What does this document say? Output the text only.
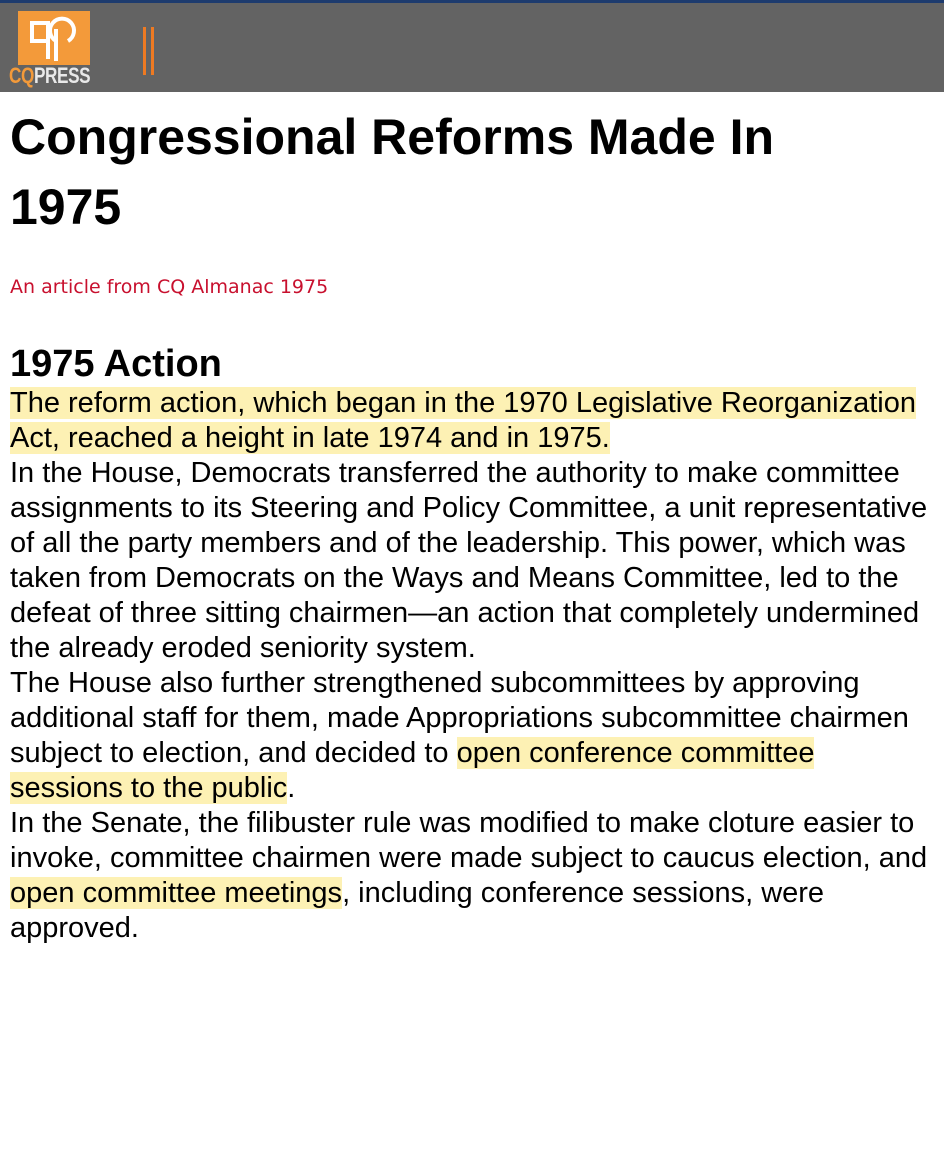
CQPRESS
Congressional Reforms Made In
1975
An article from CQ Almanac 1975
1975 Action

The reform action, which began in the 1970 Legislative Reorganization Act, reached a height in late 1974 and in 1975.

In the House, Democrats transferred the authority to make committee assignments to its Steering and Policy Committee, a unit representative of all the party members and of the leadership. This power, which was taken from Democrats on the Ways and Means Committee, led to the defeat of three sitting chairmen—an action that completely undermined the already eroded seniority system.

The House also further strengthened subcommittees by approving additional staff for them, made Appropriations subcommittee chairmen subject to election, and decided to open conference committee sessions to the public.

In the Senate, the filibuster rule was modified to make cloture easier to invoke, committee chairmen were made subject to caucus election, and open committee meetings, including conference sessions, were approved.
